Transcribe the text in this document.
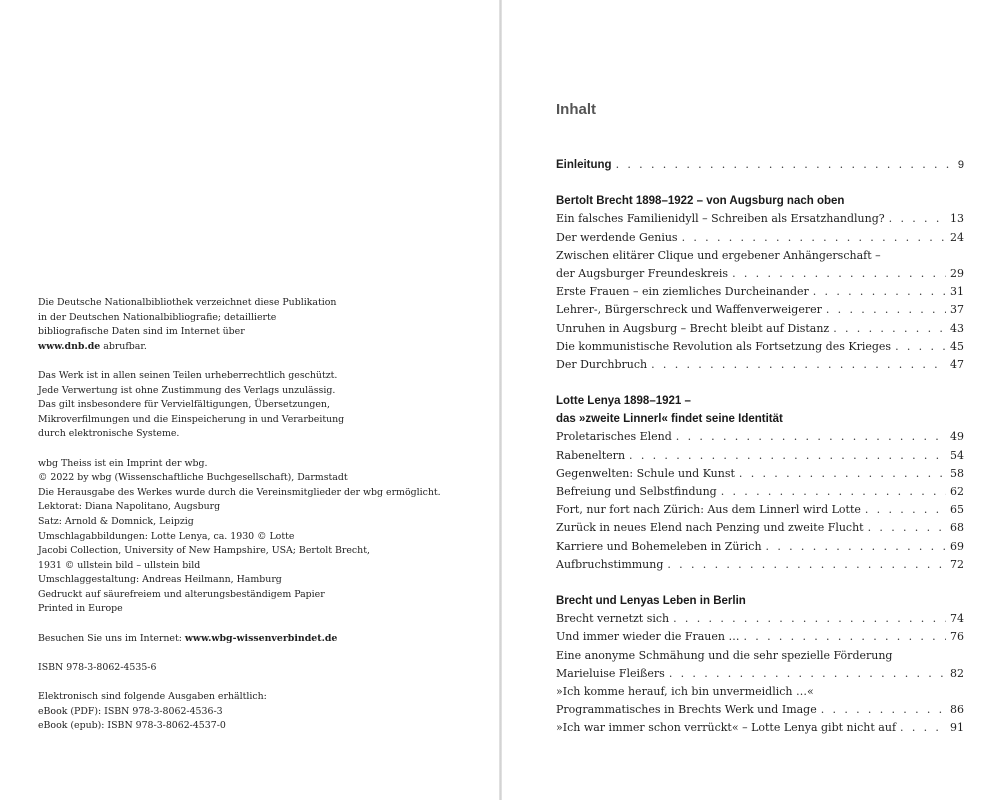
Die Deutsche Nationalbibliothek verzeichnet diese Publikation
in der Deutschen Nationalbibliografie; detaillierte
bibliografische Daten sind im Internet über
www.dnb.de abrufbar.
Das Werk ist in allen seinen Teilen urheberrechtlich geschützt.
Jede Verwertung ist ohne Zustimmung des Verlags unzulässig.
Das gilt insbesondere für Vervielfältigungen, Übersetzungen,
Mikroverfilmungen und die Einspeicherung in und Verarbeitung
durch elektronische Systeme.
wbg Theiss ist ein Imprint der wbg.
© 2022 by wbg (Wissenschaftliche Buchgesellschaft), Darmstadt
Die Herausgabe des Werkes wurde durch die Vereinsmitglieder der wbg ermöglicht.
Lektorat: Diana Napolitano, Augsburg
Satz: Arnold & Domnick, Leipzig
Umschlagabbildungen: Lotte Lenya, ca. 1930 © Lotte
Jacobi Collection, University of New Hampshire, USA; Bertolt Brecht,
1931 © ullstein bild – ullstein bild
Umschlaggestaltung: Andreas Heilmann, Hamburg
Gedruckt auf säurefreiem und alterungsbeständigem Papier
Printed in Europe
Besuchen Sie uns im Internet: www.wbg-wissenverbindet.de
ISBN 978-3-8062-4535-6
Elektronisch sind folgende Ausgaben erhältlich:
eBook (PDF): ISBN 978-3-8062-4536-3
eBook (epub): ISBN 978-3-8062-4537-0
Inhalt
Einleitung . . .	9
Bertolt Brecht 1898–1922 – von Augsburg nach oben
Ein falsches Familienidyll – Schreiben als Ersatzhandlung? . . .	13
Der werdende Genius . . .	24
Zwischen elitärer Clique und ergebener Anhängerschaft –
der Augsburger Freundeskreis . . .	29
Erste Frauen – ein ziemliches Durcheinander . . .	31
Lehrer-, Bürgerschreck und Waffenverweigerer . . .	37
Unruhen in Augsburg – Brecht bleibt auf Distanz . . .	43
Die kommunistische Revolution als Fortsetzung des Krieges . . .	45
Der Durchbruch . . .	47
Lotte Lenya 1898–1921 –
das »zweite Linnerl« findet seine Identität
Proletarisches Elend . . .	49
Rabeneltern . . .	54
Gegenwelten: Schule und Kunst . . .	58
Befreiung und Selbstfindung . . .	62
Fort, nur fort nach Zürich: Aus dem Linnerl wird Lotte . . .	65
Zurück in neues Elend nach Penzing und zweite Flucht . . .	68
Karriere und Bohemeleben in Zürich . . .	69
Aufbruchstimmung . . .	72
Brecht und Lenyas Leben in Berlin
Brecht vernetzt sich . . .	74
Und immer wieder die Frauen … . . .	76
Eine anonyme Schmähung und die sehr spezielle Förderung
Marieluise Fleißers . . .	82
»Ich komme herauf, ich bin unvermeidlich …«
Programmatisches in Brechts Werk und Image . . .	86
»Ich war immer schon verrückt« – Lotte Lenya gibt nicht auf . . .	91
